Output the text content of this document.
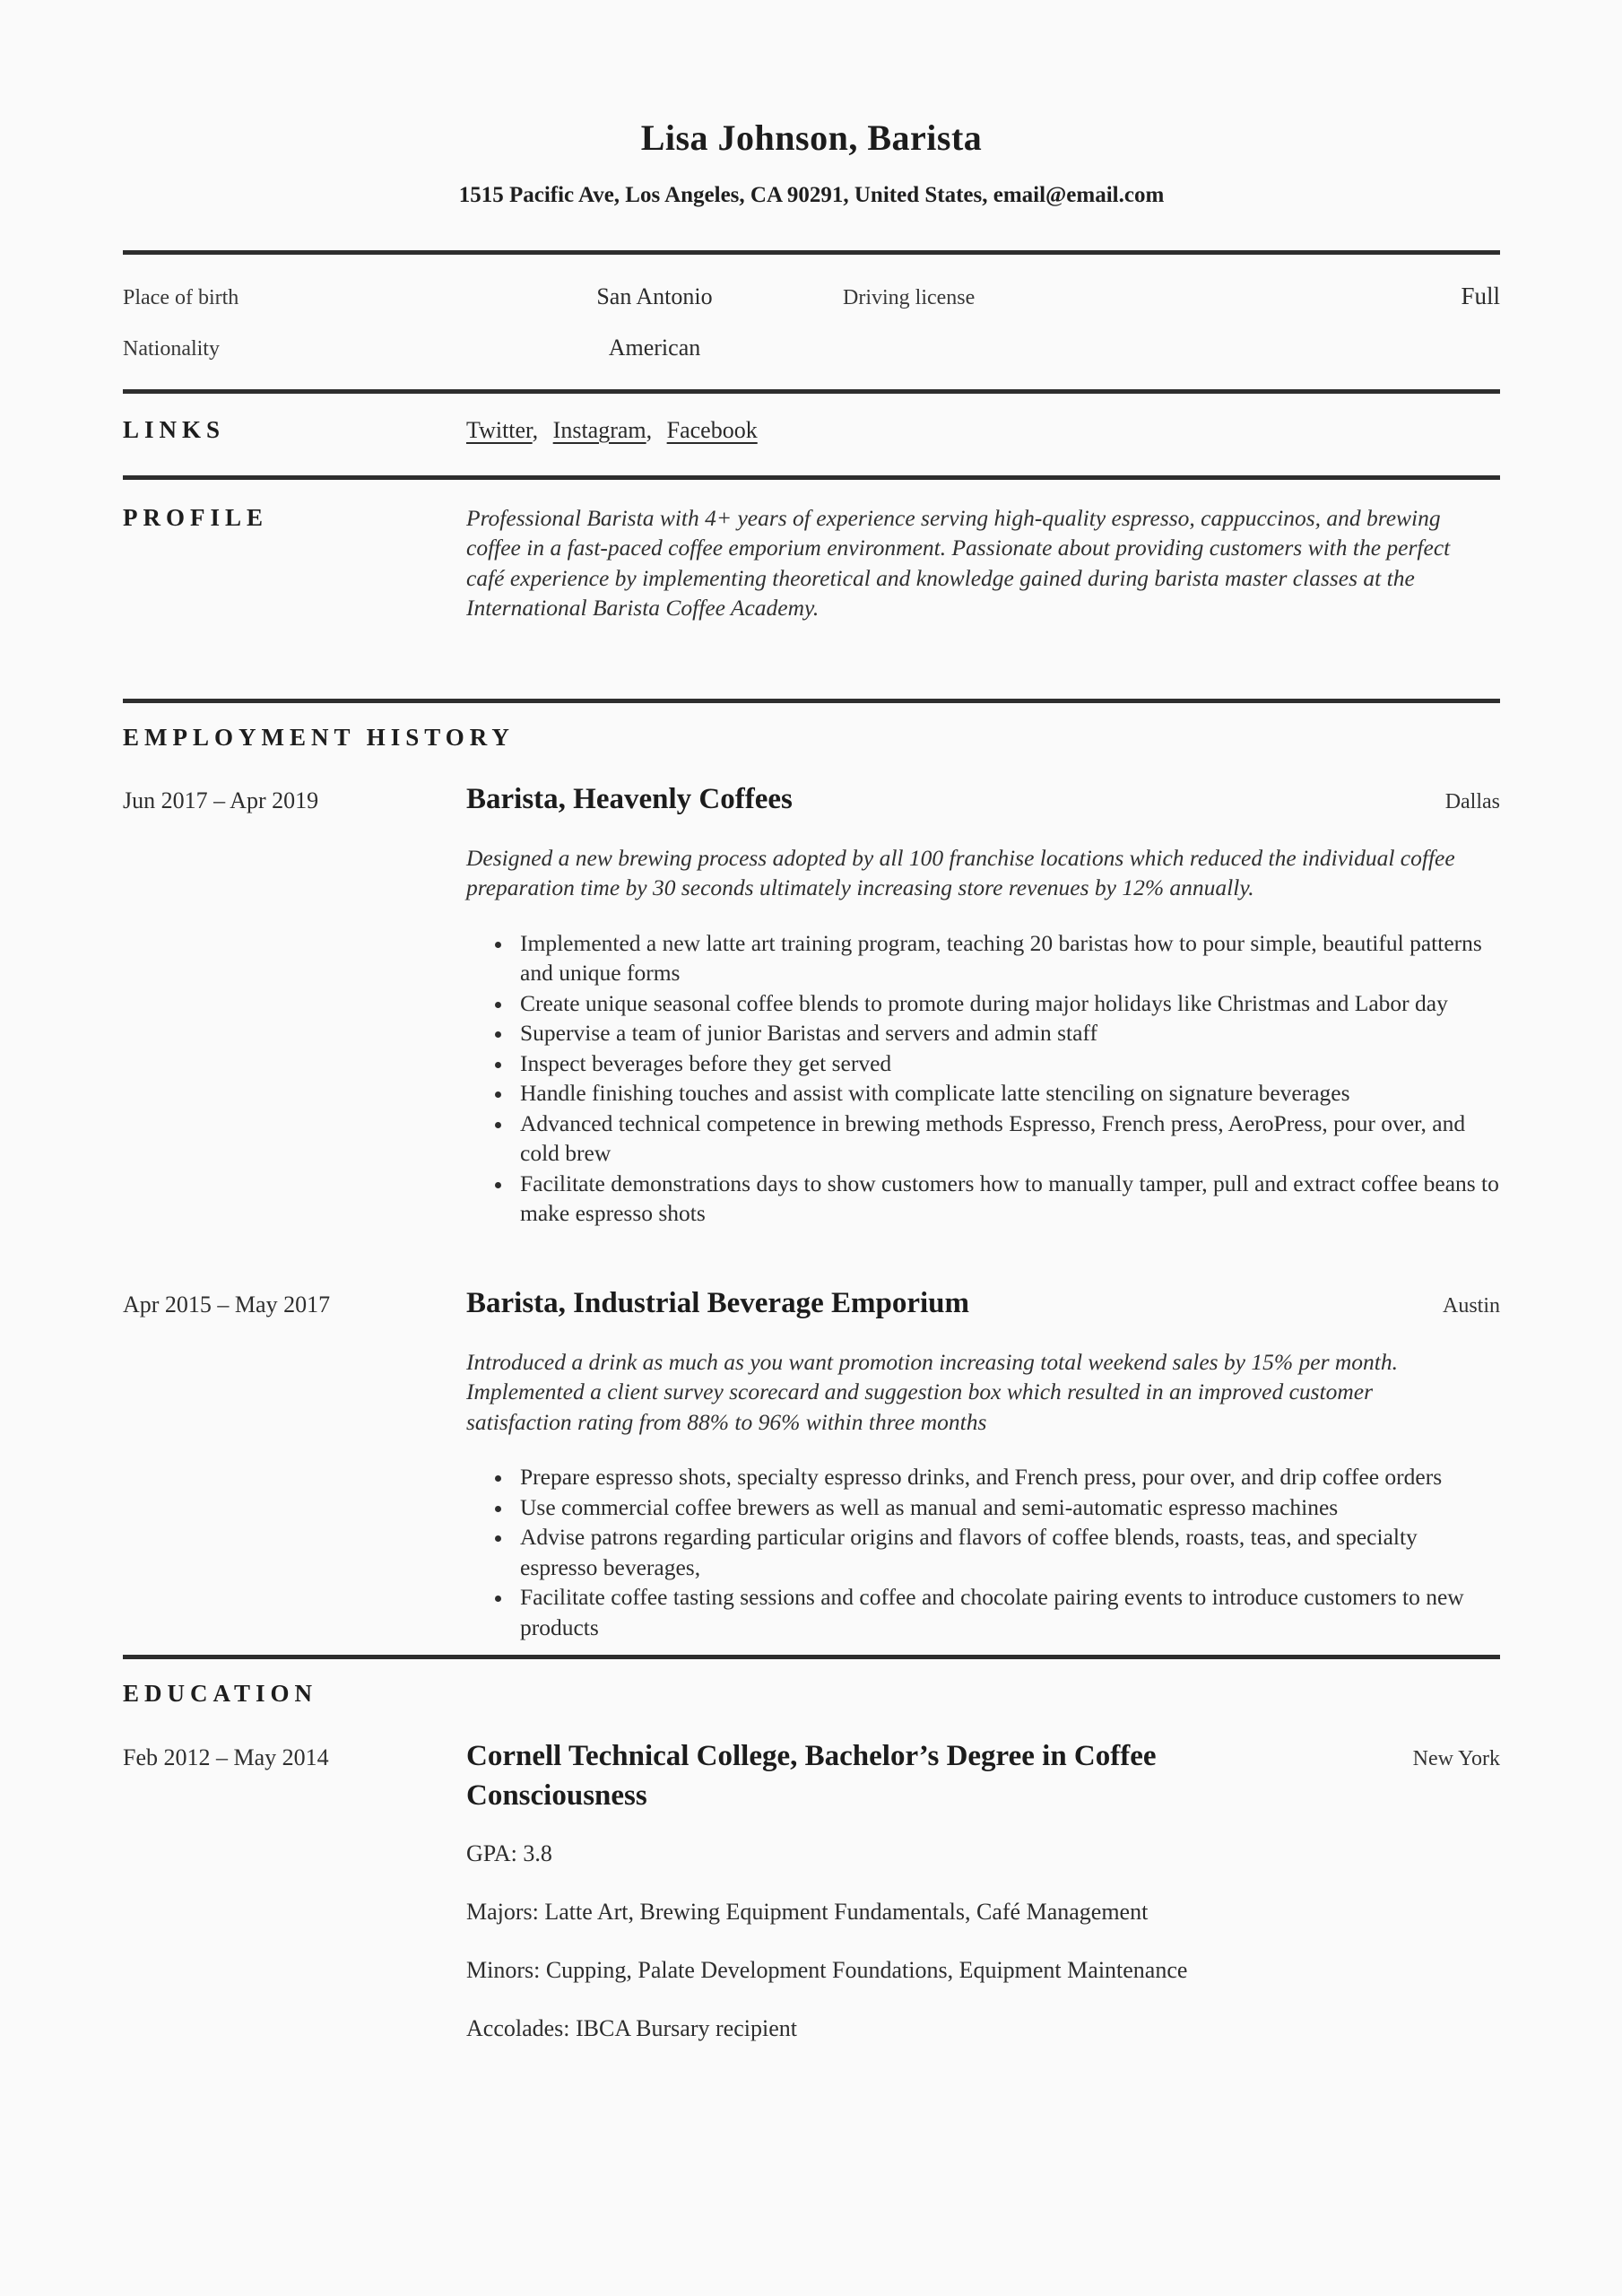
Lisa Johnson, Barista

1515 Pacific Ave, Los Angeles, CA 90291, United States, email@email.com

Place of birth	San Antonio	Driving license	Full
Nationality	American
LINKS	Twitter, Instagram, Facebook
PROFILE	Professional Barista with 4+ years of experience serving high-quality espresso, cappuccinos, and brewing coffee in a fast-paced coffee emporium environment. Passionate about providing customers with the perfect café experience by implementing theoretical and knowledge gained during barista master classes at the International Barista Coffee Academy.

EMPLOYMENT HISTORY
Jun 2017 – Apr 2019	Barista, Heavenly Coffees	Dallas

Designed a new brewing process adopted by all 100 franchise locations which reduced the individual coffee preparation time by 30 seconds ultimately increasing store revenues by 12% annually.

• Implemented a new latte art training program, teaching 20 baristas how to pour simple, beautiful patterns and unique forms
• Create unique seasonal coffee blends to promote during major holidays like Christmas and Labor day
• Supervise a team of junior Baristas and servers and admin staff
• Inspect beverages before they get served
• Handle finishing touches and assist with complicate latte stenciling on signature beverages
• Advanced technical competence in brewing methods Espresso, French press, AeroPress, pour over, and cold brew
• Facilitate demonstrations days to show customers how to manually tamper, pull and extract coffee beans to make espresso shots
Apr 2015 – May 2017	Barista, Industrial Beverage Emporium	Austin

Introduced a drink as much as you want promotion increasing total weekend sales by 15% per month. Implemented a client survey scorecard and suggestion box which resulted in an improved customer satisfaction rating from 88% to 96% within three months

• Prepare espresso shots, specialty espresso drinks, and French press, pour over, and drip coffee orders
• Use commercial coffee brewers as well as manual and semi-automatic espresso machines
• Advise patrons regarding particular origins and flavors of coffee blends, roasts, teas, and specialty espresso beverages,
• Facilitate coffee tasting sessions and coffee and chocolate pairing events to introduce customers to new products
EDUCATION
Feb 2012 – May 2014	Cornell Technical College, Bachelor’s Degree in Coffee Consciousness
New York

GPA: 3.8

Majors: Latte Art, Brewing Equipment Fundamentals, Café Management

Minors: Cupping, Palate Development Foundations, Equipment Maintenance

Accolades: IBCA Bursary recipient
